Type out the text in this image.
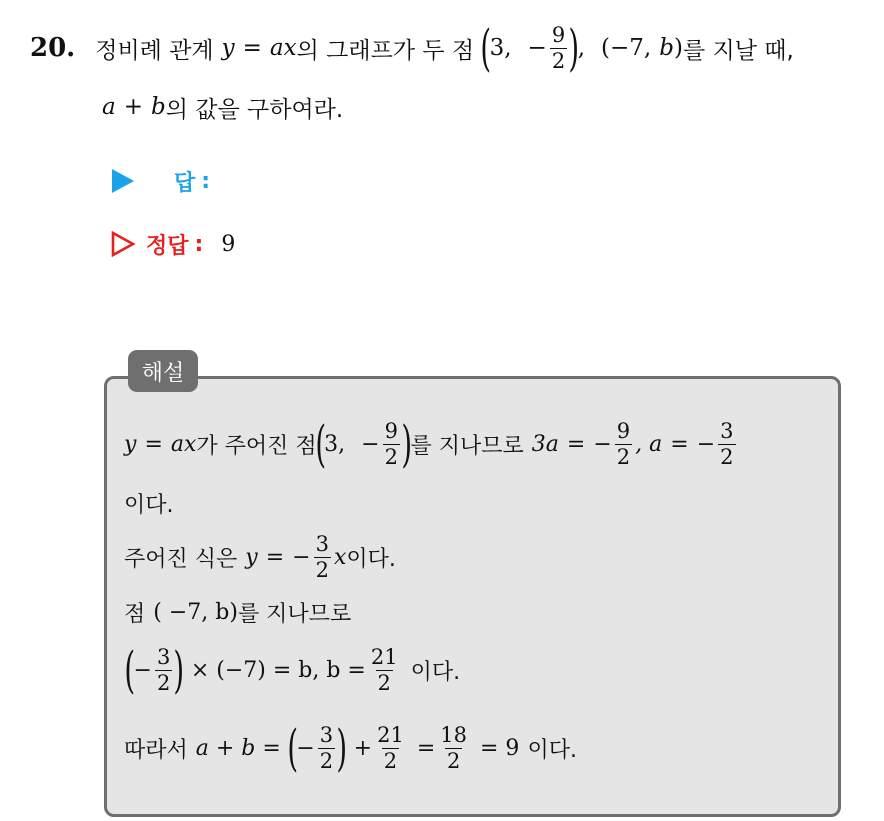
20. 정비례 관계 y = ax 의 그래프가 두 점 (
3, − $\frac{9}{2}$ )
, (−7, b ) 를 지날 때,
a + b 의 값을 구하여라.
답 :
정답 : 9
해설
y = ax 가 주어진 점
(
3, − $\frac{9}{2}$ )
를 지나므로 3a = − $\frac{9}{2}$ , a = − $\frac{3}{2}$
이다.
주어진 식은 y = − $\frac{3}{2}$ x 이다.
점 ( −7, b) 를 지나므로
(
− $\frac{3}{2}$ ) × (−7) = b, $b = \frac{21}{2}$ 이다.
따라서 a + b = (
− $\frac{3}{2}$ ) + $\frac{21}{2} = \frac{18}{2} = 9$ 이다.
